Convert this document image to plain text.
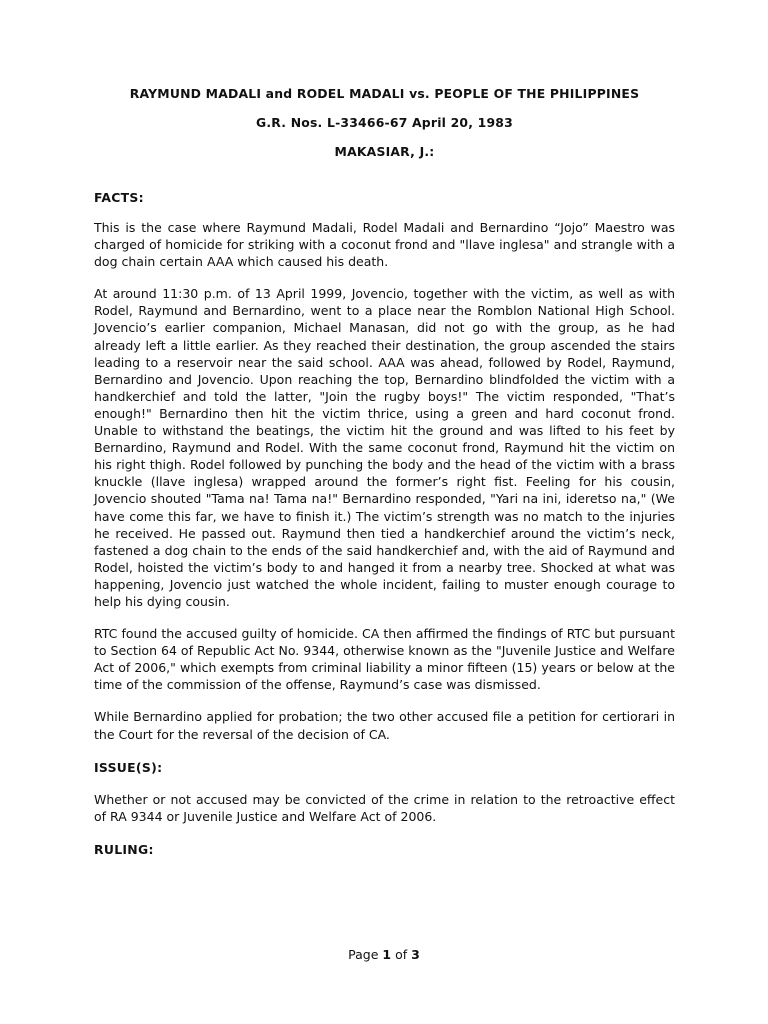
RAYMUND MADALI and RODEL MADALI vs. PEOPLE OF THE PHILIPPINES

G.R. Nos. L-33466-67 April 20, 1983

MAKASIAR, J.:

FACTS:

This is the case where Raymund Madali, Rodel Madali and Bernardino “Jojo” Maestro was charged of homicide for striking with a coconut frond and "llave inglesa" and strangle with a dog chain certain AAA which caused his death.

At around 11:30 p.m. of 13 April 1999, Jovencio, together with the victim, as well as with Rodel, Raymund and Bernardino, went to a place near the Romblon National High School. Jovencio’s earlier companion, Michael Manasan, did not go with the group, as he had already left a little earlier. As they reached their destination, the group ascended the stairs leading to a reservoir near the said school. AAA was ahead, followed by Rodel, Raymund, Bernardino and Jovencio. Upon reaching the top, Bernardino blindfolded the victim with a handkerchief and told the latter, "Join the rugby boys!" The victim responded, "That’s enough!" Bernardino then hit the victim thrice, using a green and hard coconut frond. Unable to withstand the beatings, the victim hit the ground and was lifted to his feet by Bernardino, Raymund and Rodel. With the same coconut frond, Raymund hit the victim on his right thigh. Rodel followed by punching the body and the head of the victim with a brass knuckle (llave inglesa) wrapped around the former’s right fist. Feeling for his cousin, Jovencio shouted "Tama na! Tama na!" Bernardino responded, "Yari na ini, ideretso na," (We have come this far, we have to finish it.) The victim’s strength was no match to the injuries he received. He passed out. Raymund then tied a handkerchief around the victim’s neck, fastened a dog chain to the ends of the said handkerchief and, with the aid of Raymund and Rodel, hoisted the victim’s body to and hanged it from a nearby tree. Shocked at what was happening, Jovencio just watched the whole incident, failing to muster enough courage to help his dying cousin.

RTC found the accused guilty of homicide. CA then affirmed the findings of RTC but pursuant to Section 64 of Republic Act No. 9344, otherwise known as the "Juvenile Justice and Welfare Act of 2006," which exempts from criminal liability a minor fifteen (15) years or below at the time of the commission of the offense, Raymund’s case was dismissed.

While Bernardino applied for probation; the two other accused file a petition for certiorari in the Court for the reversal of the decision of CA.

ISSUE(S):

Whether or not accused may be convicted of the crime in relation to the retroactive effect of RA 9344 or Juvenile Justice and Welfare Act of 2006.

RULING:

Page 1 of 3
